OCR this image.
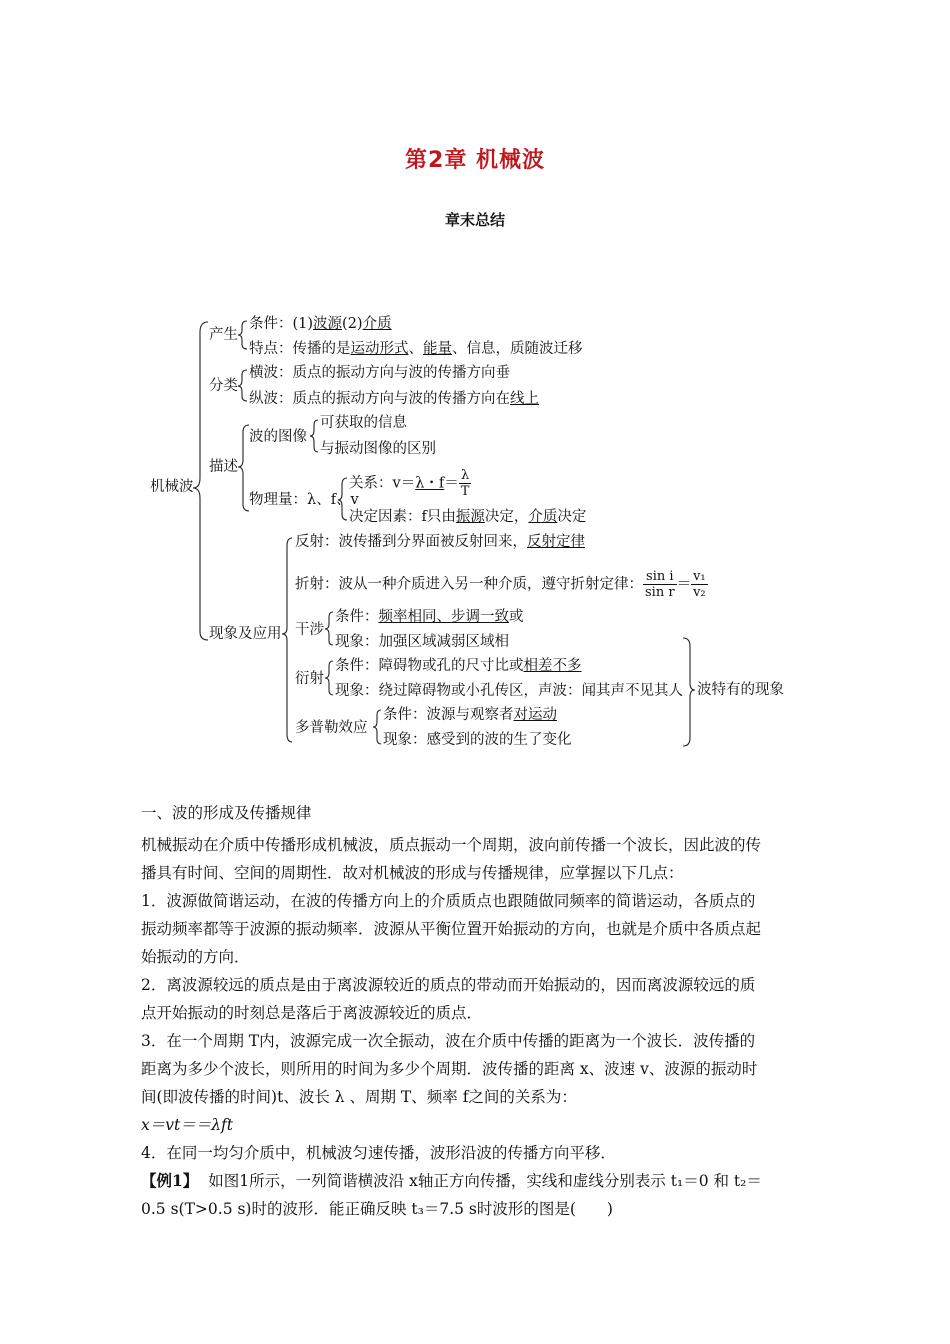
第2章 机械波
章末总结
机械波
产生
条件：(1)波源(2)介质
特点：传播的是运动形式、能量、信息，质随波迁移
分类
横波：质点的振动方向与波的传播方向垂
纵波：质点的振动方向与波的传播方向在线上
描述
波的图像
可获取的信息
与振动图像的区别
物理量：λ、f、v
关系：v＝λ・$f= \frac{\lambda}{T}$
决定因素：f只由振源决定，介质决定
现象及应用
反射：波传播到分界面被反射回来，反射定律
折射：波从一种介质进入另一种介质，遵守折射定律： $\frac{\text{sin i}}{\text{sin r}} = \frac{\text{v₁}}{\text{v₂}}$
干涉
条件：频率相同、步调一致或
现象：加强区域减弱区域相
衍射
条件：障碍物或孔的尺寸比或相差不多
现象：绕过障碍物或小孔传区，声波：闻其声不见其人
多普勒效应
条件：波源与观察者对运动
现象：感受到的波的生了变化
波特有的现象
一、波的形成及传播规律
机械振动在介质中传播形成机械波，质点振动一个周期，波向前传播一个波长，因此波的传
播具有时间、空间的周期性．故对机械波的形成与传播规律，应掌握以下几点：
1．波源做简谐运动，在波的传播方向上的介质质点也跟随做同频率的简谐运动，各质点的
振动频率都等于波源的振动频率．波源从平衡位置开始振动的方向，也就是介质中各质点起
始振动的方向．
2．离波源较远的质点是由于离波源较近的质点的带动而开始振动的，因而离波源较远的质
点开始振动的时刻总是落后于离波源较近的质点．
3．在一个周期 T内，波源完成一次全振动，波在介质中传播的距离为一个波长．波传播的
距离为多少个波长，则所用的时间为多少个周期．波传播的距离 x、波速 v、波源的振动时
间(即波传播的时间)t、波长 λ 、周期 T、频率 f之间的关系为：
x＝vt＝＝λft
4．在同一均匀介质中，机械波匀速传播，波形沿波的传播方向平移．
【例1】 如图1所示，一列简谐横波沿 x轴正方向传播，实线和虚线分别表示 t₁＝0 和 t₂＝
0.5 s(T>0.5 s)时的波形．能正确反映 t₃＝7.5 s时波形的图是(　　)
